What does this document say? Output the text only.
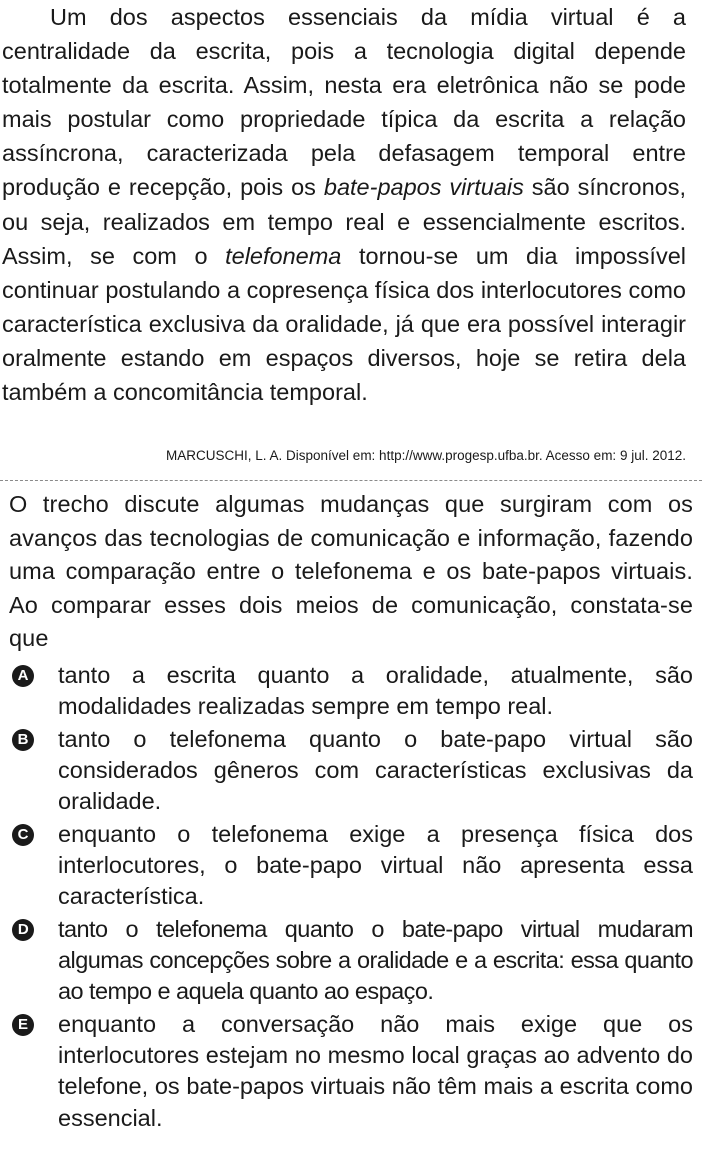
Um dos aspectos essenciais da mídia virtual é a centralidade da escrita, pois a tecnologia digital depende totalmente da escrita. Assim, nesta era eletrônica não se pode mais postular como propriedade típica da escrita a relação assíncrona, caracterizada pela defasagem temporal entre produção e recepção, pois os bate-papos virtuais são síncronos, ou seja, realizados em tempo real e essencialmente escritos. Assim, se com o telefonema tornou-se um dia impossível continuar postulando a copresença física dos interlocutores como característica exclusiva da oralidade, já que era possível interagir oralmente estando em espaços diversos, hoje se retira dela também a concomitância temporal.

MARCUSCHI, L. A. Disponível em: http://www.progesp.ufba.br. Acesso em: 9 jul. 2012.

O trecho discute algumas mudanças que surgiram com os avanços das tecnologias de comunicação e informação, fazendo uma comparação entre o telefonema e os bate-papos virtuais. Ao comparar esses dois meios de comunicação, constata-se que

A tanto a escrita quanto a oralidade, atualmente, são modalidades realizadas sempre em tempo real.
B tanto o telefonema quanto o bate-papo virtual são considerados gêneros com características exclusivas da oralidade.
C enquanto o telefonema exige a presença física dos interlocutores, o bate-papo virtual não apresenta essa característica.
D tanto o telefonema quanto o bate-papo virtual mudaram algumas concepções sobre a oralidade e a escrita: essa quanto ao tempo e aquela quanto ao espaço.
E enquanto a conversação não mais exige que os interlocutores estejam no mesmo local graças ao advento do telefone, os bate-papos virtuais não têm mais a escrita como essencial.
